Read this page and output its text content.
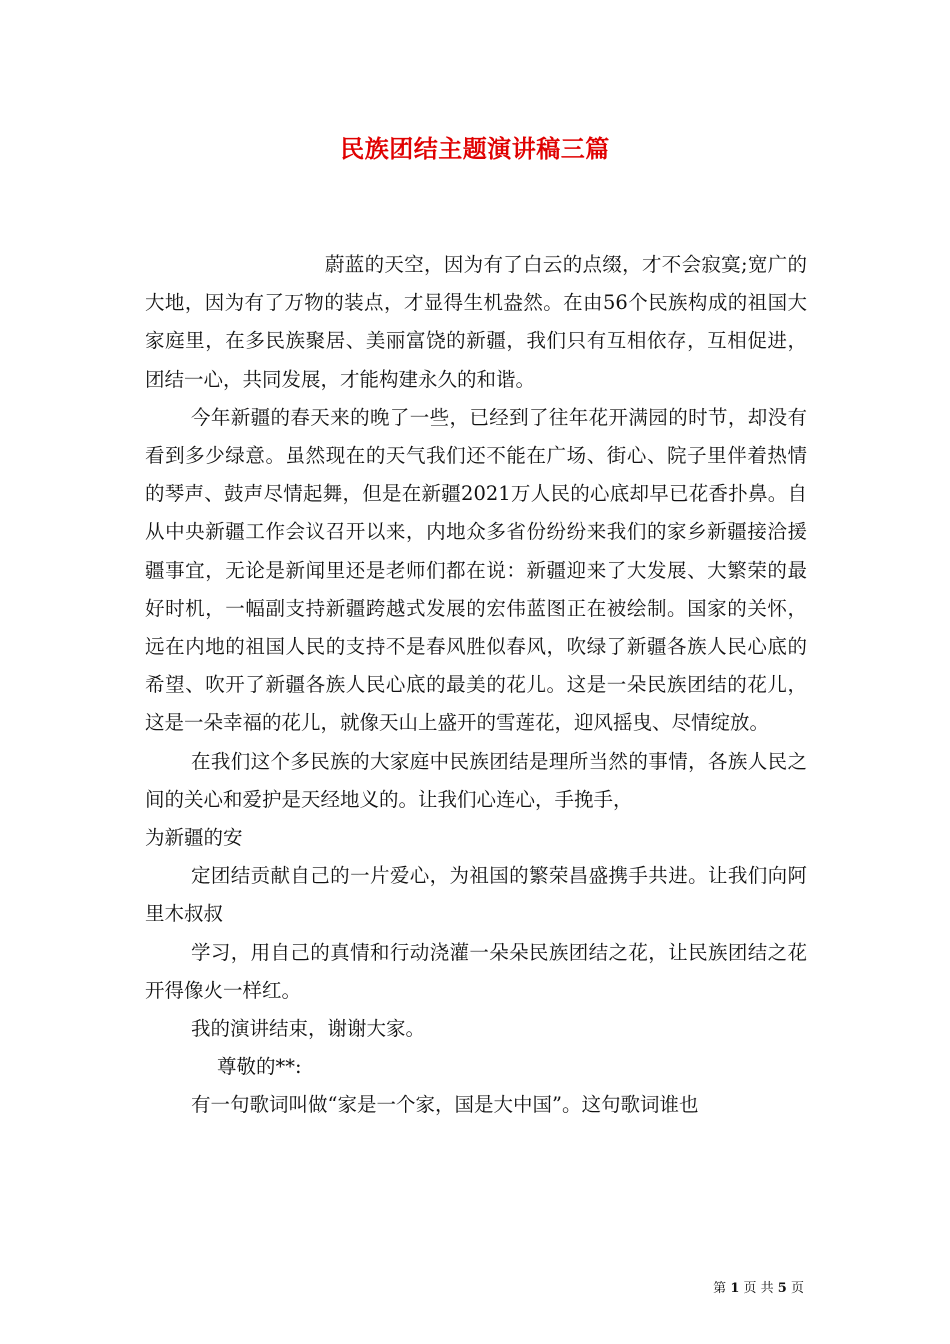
民族团结主题演讲稿三篇

蔚蓝的天空，因为有了白云的点缀，才不会寂寞;宽广的大地，因为有了万物的装点，才显得生机盎然。在由56个民族构成的祖国大家庭里，在多民族聚居、美丽富饶的新疆，我们只有互相依存，互相促进，团结一心，共同发展，才能构建永久的和谐。

今年新疆的春天来的晚了一些，已经到了往年花开满园的时节，却没有看到多少绿意。虽然现在的天气我们还不能在广场、街心、院子里伴着热情的琴声、鼓声尽情起舞，但是在新疆2021万人民的心底却早已花香扑鼻。自从中央新疆工作会议召开以来，内地众多省份纷纷来我们的家乡新疆接洽援疆事宜，无论是新闻里还是老师们都在说：新疆迎来了大发展、大繁荣的最好时机，一幅副支持新疆跨越式发展的宏伟蓝图正在被绘制。国家的关怀，远在内地的祖国人民的支持不是春风胜似春风，吹绿了新疆各族人民心底的希望、吹开了新疆各族人民心底的最美的花儿。这是一朵民族团结的花儿，这是一朵幸福的花儿，就像天山上盛开的雪莲花，迎风摇曳、尽情绽放。

在我们这个多民族的大家庭中民族团结是理所当然的事情，各族人民之间的关心和爱护是天经地义的。让我们心连心，手挽手，

为新疆的安

定团结贡献自己的一片爱心，为祖国的繁荣昌盛携手共进。让我们向阿里木叔叔

学习，用自己的真情和行动浇灌一朵朵民族团结之花，让民族团结之花开得像火一样红。

我的演讲结束，谢谢大家。

尊敬的**:

有一句歌词叫做“家是一个家，国是大中国”。这句歌词谁也

第 1 页 共 5 页
